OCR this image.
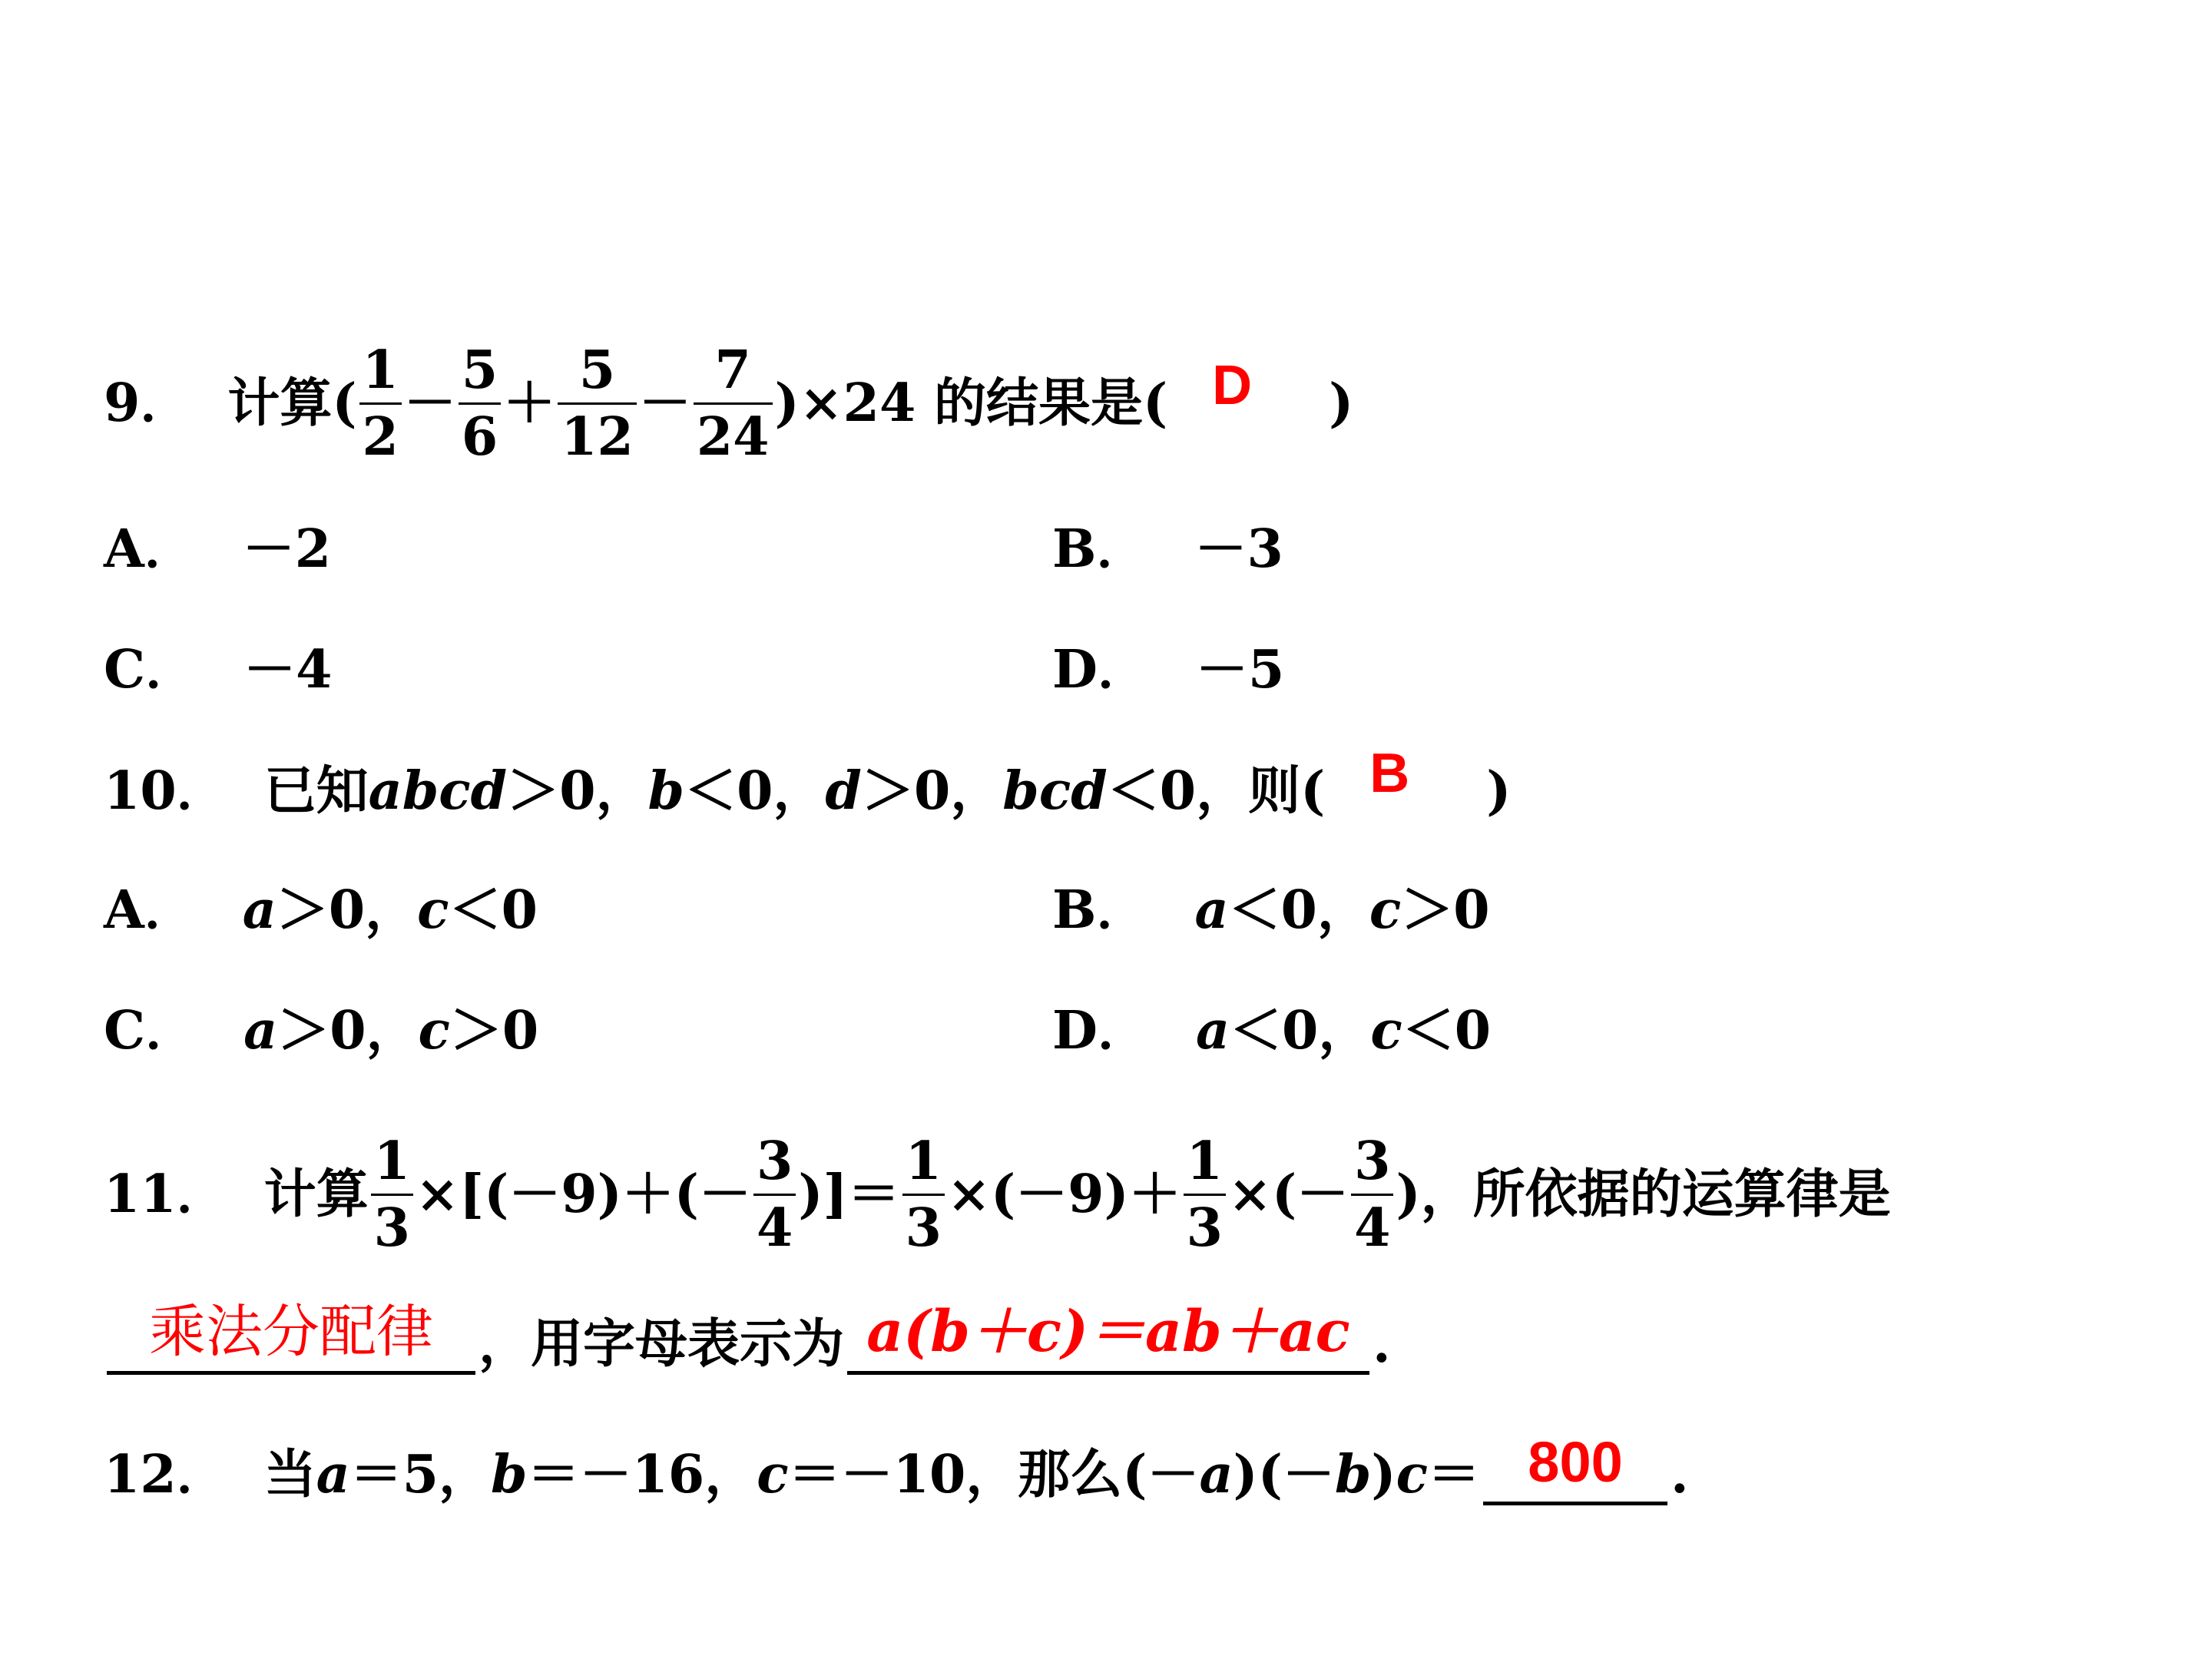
9． 计算( $\frac{1}{2} - \frac{5}{6} + \frac{5}{12} - \frac{7}{24} )\times 24$ 的结果是( D )
A． －2	B． －3
C． －4	D． －5
10． 已知 abcd ＞0， b ＜0， d ＞0， bcd ＜0，则( B )
A． a ＞0， c ＜0	B． a ＜0， c ＞0
C． a ＞0， c ＞0	D． a ＜0， c ＜0
11． 计算 $\frac{1}{3} \times[(-9)+(- \frac{3}{4}$ )]＝ $\frac{1}{3} \times(-9)+ \frac{1}{3}$ ×(－ $\frac{3}{4}$ )，所依据的运算律是
乘法分配律 ，用字母表示为 a(b＋c)＝ab＋ac .
12． 当 a ＝5， b ＝－16， c ＝－10，那么(－ a )(－ b ) c ＝ 800 .
